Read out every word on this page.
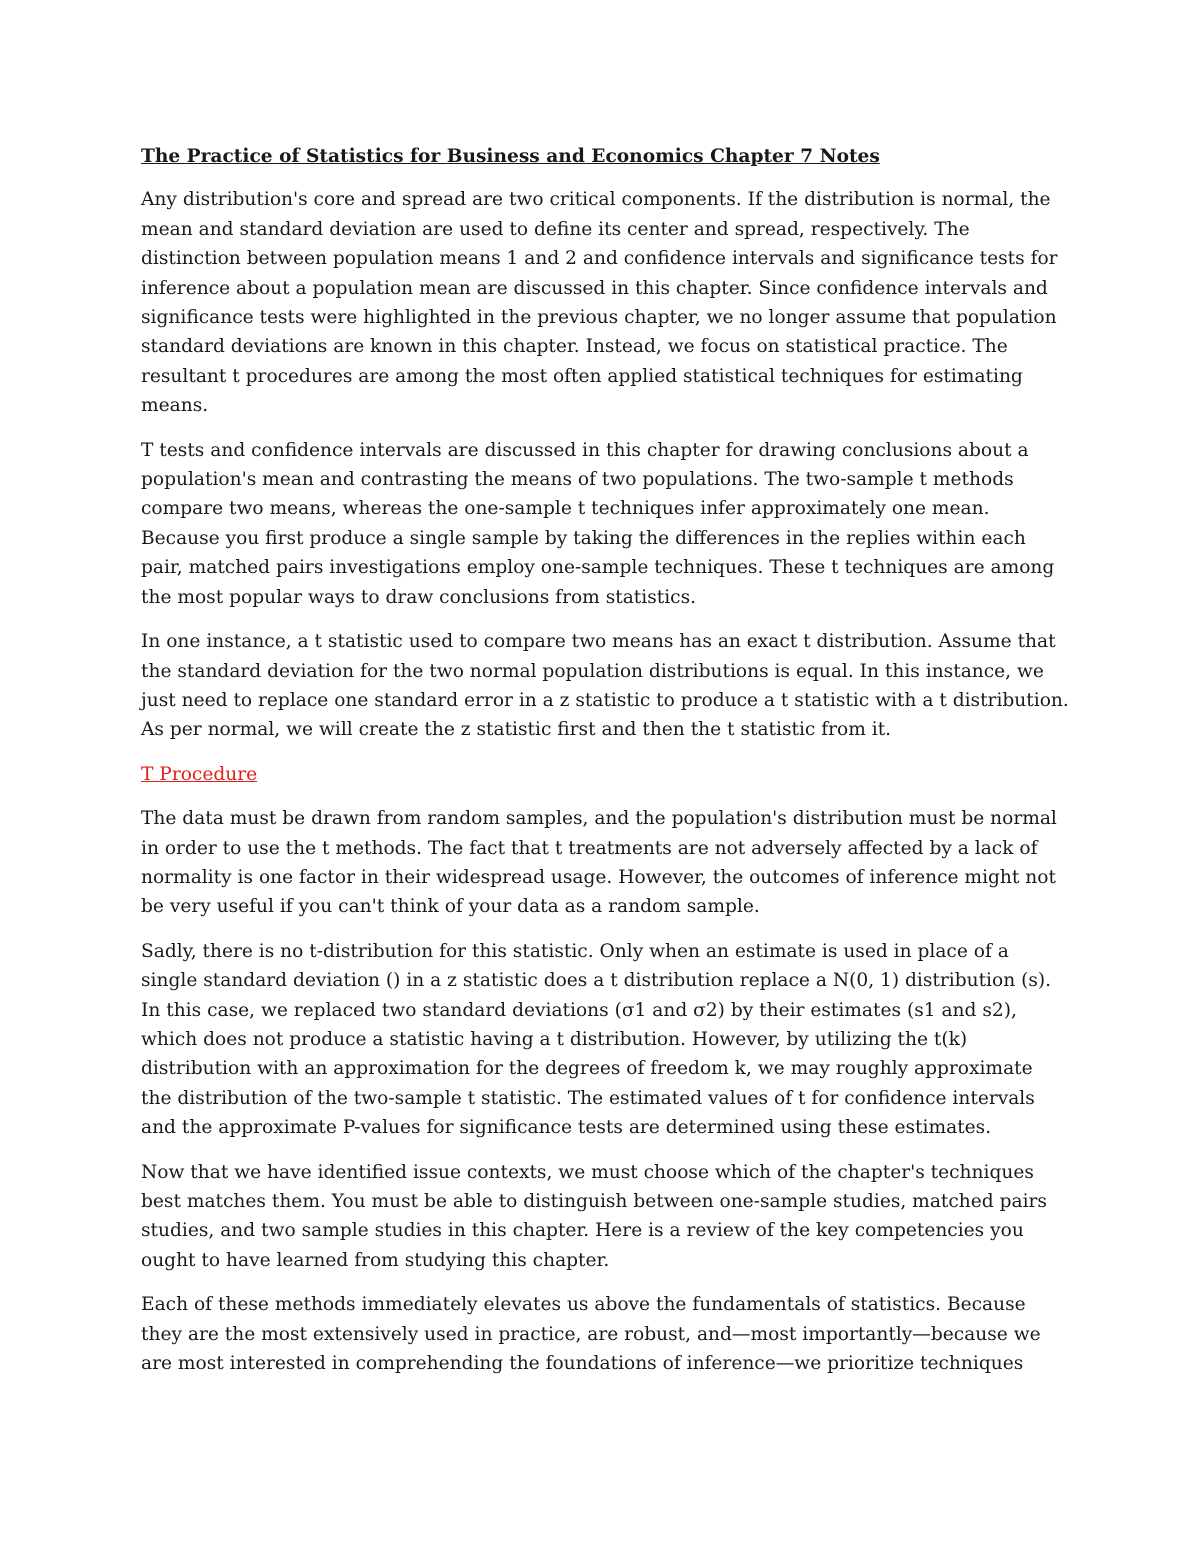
The Practice of Statistics for Business and Economics Chapter 7 Notes
Any distribution's core and spread are two critical components. If the distribution is normal, the
mean and standard deviation are used to define its center and spread, respectively. The
distinction between population means 1 and 2 and confidence intervals and significance tests for
inference about a population mean are discussed in this chapter. Since confidence intervals and
significance tests were highlighted in the previous chapter, we no longer assume that population
standard deviations are known in this chapter. Instead, we focus on statistical practice. The
resultant t procedures are among the most often applied statistical techniques for estimating
means.
T tests and confidence intervals are discussed in this chapter for drawing conclusions about a
population's mean and contrasting the means of two populations. The two-sample t methods
compare two means, whereas the one-sample t techniques infer approximately one mean.
Because you first produce a single sample by taking the differences in the replies within each
pair, matched pairs investigations employ one-sample techniques. These t techniques are among
the most popular ways to draw conclusions from statistics.
In one instance, a t statistic used to compare two means has an exact t distribution. Assume that
the standard deviation for the two normal population distributions is equal. In this instance, we
just need to replace one standard error in a z statistic to produce a t statistic with a t distribution.
As per normal, we will create the z statistic first and then the t statistic from it.
T Procedure
The data must be drawn from random samples, and the population's distribution must be normal
in order to use the t methods. The fact that t treatments are not adversely affected by a lack of
normality is one factor in their widespread usage. However, the outcomes of inference might not
be very useful if you can't think of your data as a random sample.
Sadly, there is no t-distribution for this statistic. Only when an estimate is used in place of a
single standard deviation () in a z statistic does a t distribution replace a N(0, 1) distribution (s).
In this case, we replaced two standard deviations (σ1 and σ2) by their estimates (s1 and s2),
which does not produce a statistic having a t distribution. However, by utilizing the t(k)
distribution with an approximation for the degrees of freedom k, we may roughly approximate
the distribution of the two-sample t statistic. The estimated values of t for confidence intervals
and the approximate P-values for significance tests are determined using these estimates.
Now that we have identified issue contexts, we must choose which of the chapter's techniques
best matches them. You must be able to distinguish between one-sample studies, matched pairs
studies, and two sample studies in this chapter. Here is a review of the key competencies you
ought to have learned from studying this chapter.
Each of these methods immediately elevates us above the fundamentals of statistics. Because
they are the most extensively used in practice, are robust, and—most importantly—because we
are most interested in comprehending the foundations of inference—we prioritize techniques
